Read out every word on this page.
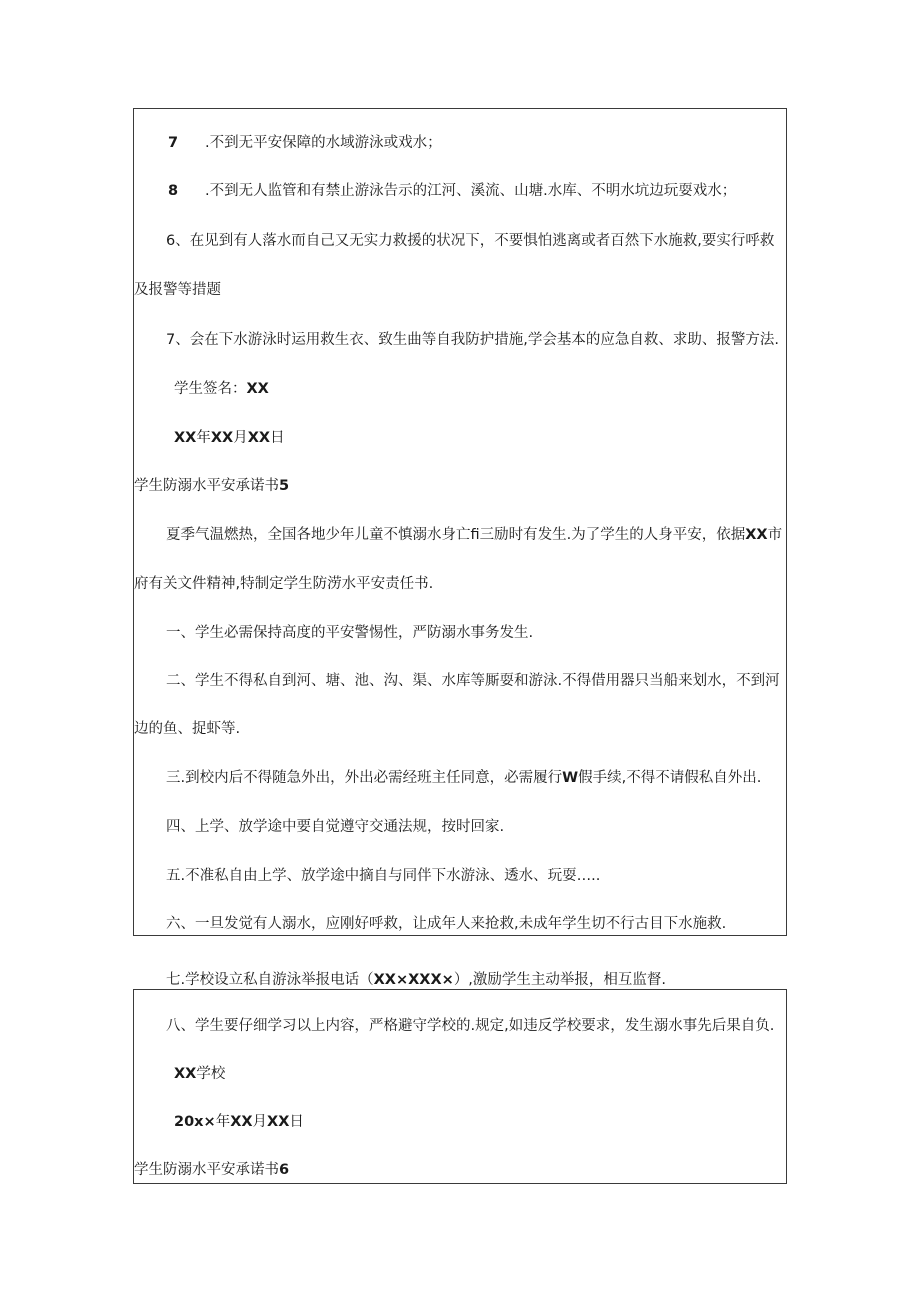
7 .不到无平安保障的水域游泳或戏水；

8 .不到无人监管和有禁止游泳告示的江河、溪流、山塘.水库、不明水坑边玩耍戏水；

6、在见到有人落水而自己又无实力救援的状况下，不要惧怕逃离或者百然下水施救,要实行呼救

及报警等措题

7、会在下水游泳时运用救生衣、致生曲等自我防护措施,学会基本的应急自救、求助、报警方法.

学生签名：XX

XX年XX月XX日

学生防溺水平安承诺书5

夏季气温燃热，全国各地少年儿童不慎溺水身亡fi三励时有发生.为了学生的人身平安，依据XX市

府有关文件精神,特制定学生防涝水平安责任书.

一、学生必需保持高度的平安警惕性，严防溺水事务发生.

二、学生不得私自到河、塘、池、沟、渠、水库等厮耍和游泳.不得借用器只当船来划水，不到河

边的鱼、捉虾等.

三.到校内后不得随急外出，外出必需经班主任同意，必需履行W假手续,不得不请假私自外出.

四、上学、放学途中要自觉遵守交通法规，按时回家.

五.不准私自由上学、放学途中摘自与同伴下水游泳、透水、玩耍…..

六、一旦发觉有人溺水，应刚好呼救，让成年人来抢救,未成年学生切不行古目下水施救.

七.学校设立私自游泳举报电话（XX×XXX×）,激励学生主动举报，相互监督.

八、学生要仔细学习以上内容，严格避守学校的.规定,如违反学校要求，发生溺水事先后果自负.

XX学校

20x×年XX月XX日

学生防溺水平安承诺书6
